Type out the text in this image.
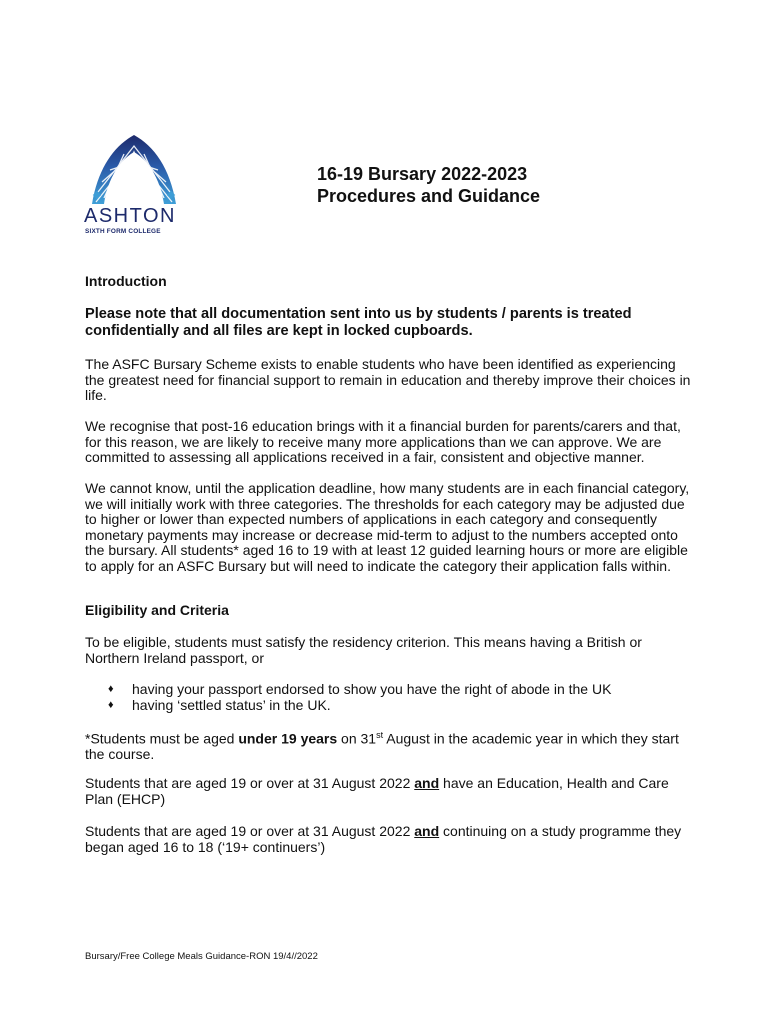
ASHTON
SIXTH FORM COLLEGE
16-19 Bursary 2022-2023
Procedures and Guidance

Introduction

Please note that all documentation sent into us by students / parents is treated confidentially and all files are kept in locked cupboards.

The ASFC Bursary Scheme exists to enable students who have been identified as experiencing the greatest need for financial support to remain in education and thereby improve their choices in life.

We recognise that post-16 education brings with it a financial burden for parents/carers and that, for this reason, we are likely to receive many more applications than we can approve. We are committed to assessing all applications received in a fair, consistent and objective manner.

We cannot know, until the application deadline, how many students are in each financial category, we will initially work with three categories. The thresholds for each category may be adjusted due to higher or lower than expected numbers of applications in each category and consequently monetary payments may increase or decrease mid-term to adjust to the numbers accepted onto the bursary. All students* aged 16 to 19 with at least 12 guided learning hours or more are eligible to apply for an ASFC Bursary but will need to indicate the category their application falls within.

Eligibility and Criteria

To be eligible, students must satisfy the residency criterion. This means having a British or Northern Ireland passport, or

♦ having your passport endorsed to show you have the right of abode in the UK
♦ having ‘settled status’ in the UK.

*Students must be aged under 19 years on 31st August in the academic year in which they start the course.

Students that are aged 19 or over at 31 August 2022 and have an Education, Health and Care Plan (EHCP)

Students that are aged 19 or over at 31 August 2022 and continuing on a study programme they began aged 16 to 18 (‘19+ continuers’)

Bursary/Free College Meals Guidance-RON 19/4//2022
